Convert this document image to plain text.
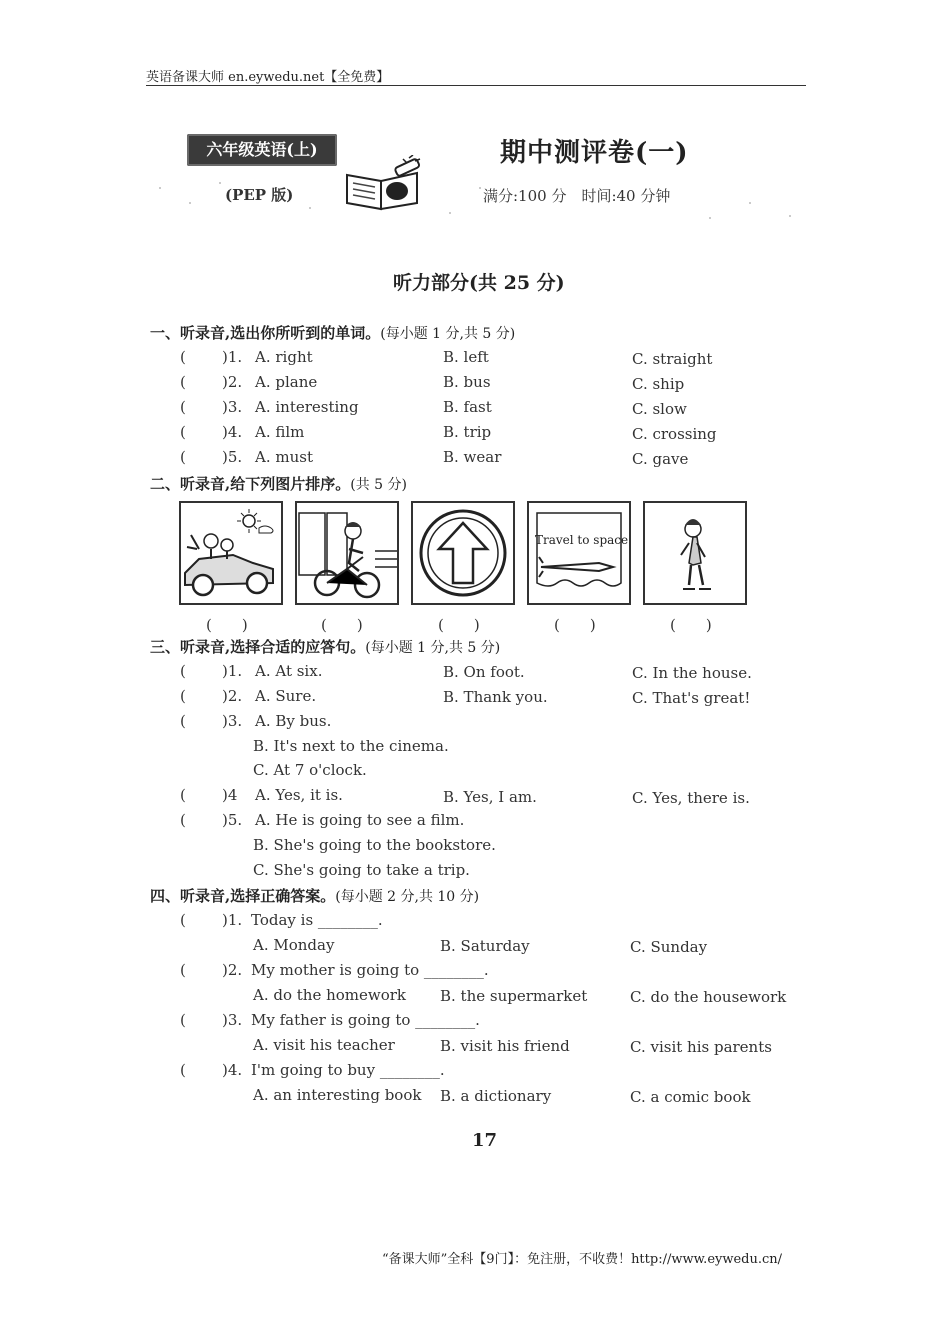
英语备课大师 en.eywedu.net【全免费】
六年级英语(上)
(PEP 版)
期中测评卷(一)
满分:100 分　时间:40 分钟
听力部分(共 25 分)
一、听录音,选出你所听到的单词。(每小题 1 分,共 5 分)
( )1. A. right	B. left	C. straight
( )2. A. plane	B. bus	C. ship
( )3. A. interesting	B. fast	C. slow
( )4. A. film	B. trip	C. crossing
( )5. A. must	B. wear	C. gave
二、听录音,给下列图片排序。(共 5 分)
Travel to space
(　　)	(　　)	(　　)	(　　)	(　　)
三、听录音,选择合适的应答句。(每小题 1 分,共 5 分)
( )1. A. At six.	B. On foot.	C. In the house.
( )2. A. Sure.	B. Thank you.	C. That's great!
( )3. A. By bus.
B. It's next to the cinema.
C. At 7 o'clock.
( )4 A. Yes, it is.	B. Yes, I am.	C. Yes, there is.
( )5. A. He is going to see a film.
B. She's going to the bookstore.
C. She's going to take a trip.
四、听录音,选择正确答案。(每小题 2 分,共 10 分)
( )1. Today is ________.
A. Monday	B. Saturday	C. Sunday
( )2. My mother is going to ________.
A. do the homework B. the supermarket	C. do the housework
( )3. My father is going to ________.
A. visit his teacher	B. visit his friend	C. visit his parents
( )4. I'm going to buy ________.
A. an interesting book B. a dictionary	C. a comic book
17
“备课大师”全科【9门】：免注册，不收费！http://www.eywedu.cn/
